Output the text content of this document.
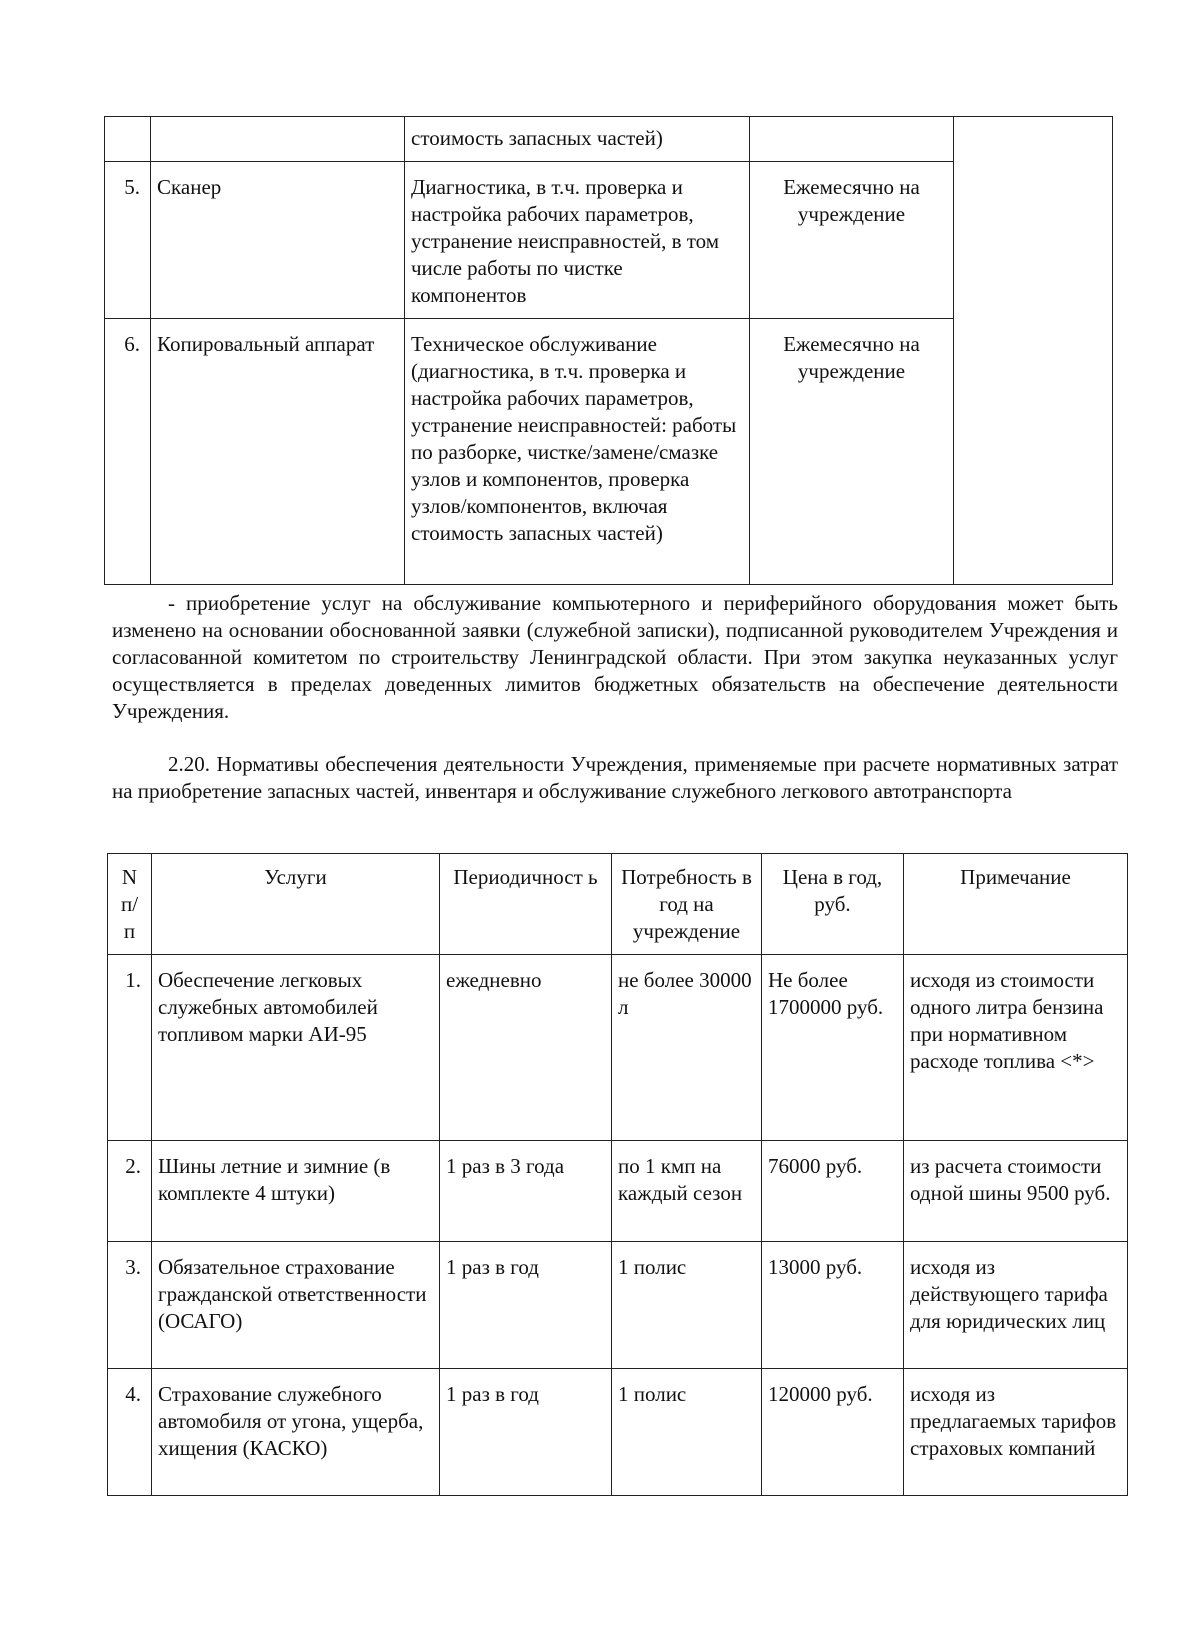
		стоимость запасных частей)		
5.	Сканер	Диагностика, в т.ч. проверка и настройка рабочих параметров, устранение неисправностей, в том числе работы по чистке компонентов	Ежемесячно на учреждение	
6.	Копировальный аппарат	Техническое обслуживание (диагностика, в т.ч. проверка и настройка рабочих параметров, устранение неисправностей: работы по разборке, чистке/замене/смазке узлов и компонентов, проверка узлов/компонентов, включая стоимость запасных частей)	Ежемесячно на учреждение	
- приобретение услуг на обслуживание компьютерного и периферийного оборудования может быть изменено на основании обоснованной заявки (служебной записки), подписанной руководителем Учреждения и согласованной комитетом по строительству Ленинградской области. При этом закупка неуказанных услуг осуществляется в пределах доведенных лимитов бюджетных обязательств на обеспечение деятельности Учреждения.
2.20. Нормативы обеспечения деятельности Учреждения, применяемые при расчете нормативных затрат на приобретение запасных частей, инвентаря и обслуживание служебного легкового автотранспорта
N п/ п	Услуги	Периодичност ь	Потребность в год на учреждение	Цена в год, руб.	Примечание
1.	Обеспечение легковых служебных автомобилей топливом марки АИ-95	ежедневно	не более 30000 л	Не более 1700000 руб.	исходя из стоимости одного литра бензина при нормативном расходе топлива <*>
2.	Шины летние и зимние (в комплекте 4 штуки)	1 раз в 3 года	по 1 кмп на каждый сезон	76000 руб.	из расчета стоимости одной шины 9500 руб.
3.	Обязательное страхование гражданской ответственности (ОСАГО)	1 раз в год	1 полис	13000 руб.	исходя из действующего тарифа для юридических лиц
4.	Страхование служебного автомобиля от угона, ущерба, хищения (КАСКО)	1 раз в год	1 полис	120000 руб.	исходя из предлагаемых тарифов страховых компаний
